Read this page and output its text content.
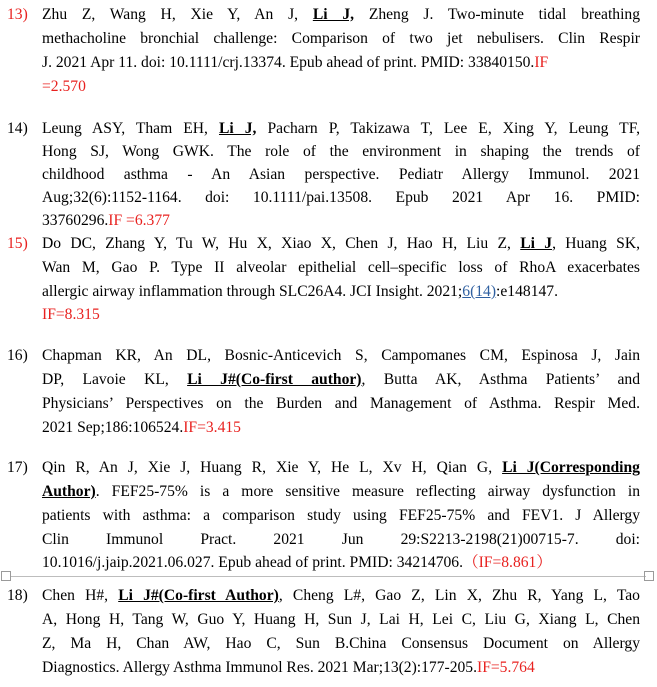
13) Zhu Z, Wang H, Xie Y, An J, Li J, Zheng J. Two-minute tidal breathing
methacholine bronchial challenge: Comparison of two jet nebulisers. Clin Respir
J. 2021 Apr 11. doi: 10.1111/crj.13374. Epub ahead of print. PMID: 33840150.IF
=2.570
14) Leung ASY, Tham EH, Li J, Pacharn P, Takizawa T, Lee E, Xing Y, Leung TF,
Hong SJ, Wong GWK. The role of the environment in shaping the trends of
childhood asthma - An Asian perspective. Pediatr Allergy Immunol. 2021
Aug;32(6):1152-1164. doi: 10.1111/pai.13508. Epub 2021 Apr 16. PMID:
33760296.IF =6.377
15) Do DC, Zhang Y, Tu W, Hu X, Xiao X, Chen J, Hao H, Liu Z, Li J, Huang SK,
Wan M, Gao P. Type II alveolar epithelial cell–specific loss of RhoA exacerbates
allergic airway inflammation through SLC26A4. JCI Insight. 2021;6(14):e148147.
IF=8.315
16) Chapman KR, An DL, Bosnic-Anticevich S, Campomanes CM, Espinosa J, Jain
DP, Lavoie KL, Li J#(Co-first author), Butta AK, Asthma Patients’ and
Physicians’ Perspectives on the Burden and Management of Asthma. Respir Med.
2021 Sep;186:106524.IF=3.415
17) Qin R, An J, Xie J, Huang R, Xie Y, He L, Xv H, Qian G, Li J(Corresponding
Author). FEF25-75% is a more sensitive measure reflecting airway dysfunction in
patients with asthma: a comparison study using FEF25-75% and FEV1. J Allergy
Clin Immunol Pract. 2021 Jun 29:S2213-2198(21)00715-7. doi:
10.1016/j.jaip.2021.06.027. Epub ahead of print. PMID: 34214706.（IF=8.861）
18) Chen H#, Li J#(Co-first Author), Cheng L#, Gao Z, Lin X, Zhu R, Yang L, Tao
A, Hong H, Tang W, Guo Y, Huang H, Sun J, Lai H, Lei C, Liu G, Xiang L, Chen
Z, Ma H, Chan AW, Hao C, Sun B.China Consensus Document on Allergy
Diagnostics. Allergy Asthma Immunol Res. 2021 Mar;13(2):177-205.IF=5.764
